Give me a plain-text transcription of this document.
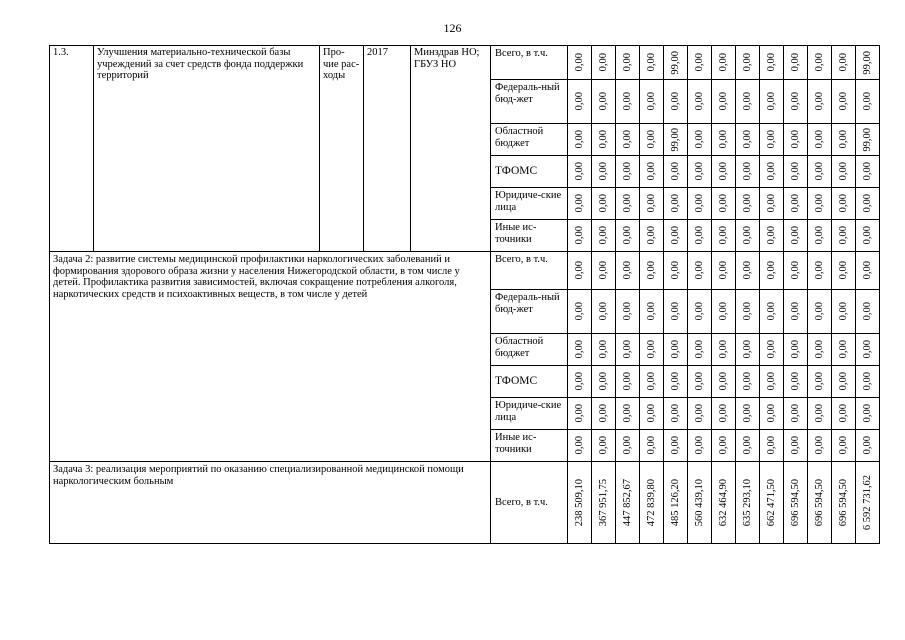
126
1.3.	Улучшения материально-технической базы учреждений за счет средств фонда поддержки территорий	Про-чие рас-ходы	2017	Минздрав НО; ГБУЗ НО	Всего, в т.ч.	0,00	0,00	0,00	0,00	99,00	0,00	0,00	0,00	0,00	0,00	0,00	0,00	99,00

					Федераль-ный бюд-жет	0,00	0,00	0,00	0,00	0,00	0,00	0,00	0,00	0,00	0,00	0,00	0,00	0,00

					Областной бюджет	0,00	0,00	0,00	0,00	99,00	0,00	0,00	0,00	0,00	0,00	0,00	0,00	99,00

					ТФОМС	0,00	0,00	0,00	0,00	0,00	0,00	0,00	0,00	0,00	0,00	0,00	0,00	0,00

					Юридиче-ские лица	0,00	0,00	0,00	0,00	0,00	0,00	0,00	0,00	0,00	0,00	0,00	0,00	0,00

					Иные ис-точники	0,00	0,00	0,00	0,00	0,00	0,00	0,00	0,00	0,00	0,00	0,00	0,00	0,00

Задача 2: развитие системы медицинской профилактики наркологических заболеваний и формирования здорового образа жизни у населения Нижегородской области, в том числе у детей. Профилактика развития зависимостей, включая сокращение потребления алкоголя, наркотических средств и психоактивных веществ, в том числе у детей					Всего, в т.ч.	0,00	0,00	0,00	0,00	0,00	0,00	0,00	0,00	0,00	0,00	0,00	0,00	0,00

					Федераль-ный бюд-жет	0,00	0,00	0,00	0,00	0,00	0,00	0,00	0,00	0,00	0,00	0,00	0,00	0,00

					Областной бюджет	0,00	0,00	0,00	0,00	0,00	0,00	0,00	0,00	0,00	0,00	0,00	0,00	0,00

					ТФОМС	0,00	0,00	0,00	0,00	0,00	0,00	0,00	0,00	0,00	0,00	0,00	0,00	0,00

					Юридиче-ские лица	0,00	0,00	0,00	0,00	0,00	0,00	0,00	0,00	0,00	0,00	0,00	0,00	0,00

					Иные ис-точники	0,00	0,00	0,00	0,00	0,00	0,00	0,00	0,00	0,00	0,00	0,00	0,00	0,00

Задача 3: реализация мероприятий по оказанию специализированной медицинской помощи наркологическим больным					Всего, в т.ч.	238 509,10	367 951,75	447 852,67	472 839,80	485 126,20	560 439,10	632 464,90	635 293,10	662 471,50	696 594,50	696 594,50	696 594,50	6 592 731,62
